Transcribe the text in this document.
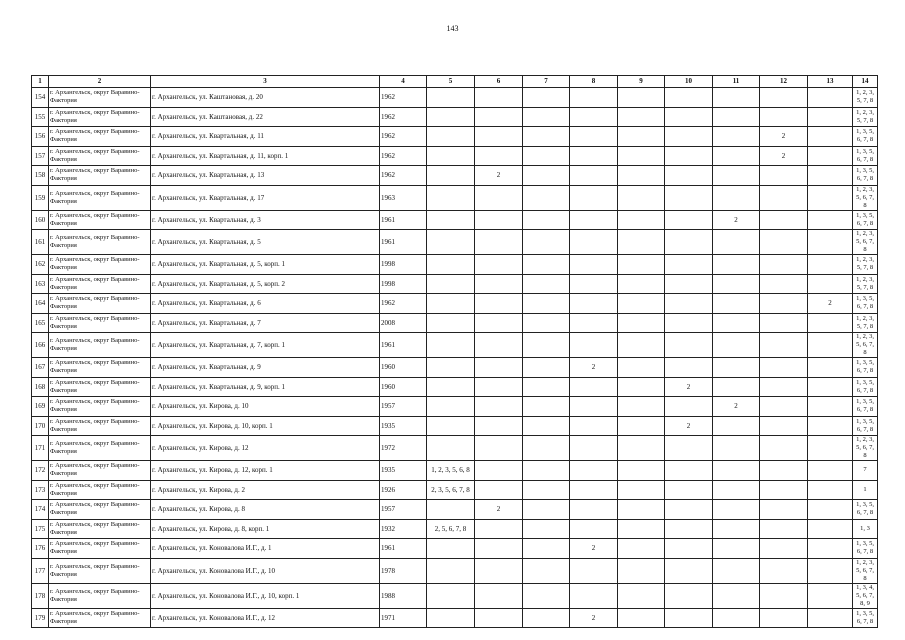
143
1	2	3	4	5	6	7	8	9	10	11	12	13	14
154	г. Архангельск, округ Варавино-Фактория	г. Архангельск, ул. Каштановая, д. 20	1962										1, 2, 3, 5, 7, 8
155	г. Архангельск, округ Варавино-Фактория	г. Архангельск, ул. Каштановая, д. 22	1962										1, 2, 3, 5, 7, 8
156	г. Архангельск, округ Варавино-Фактория	г. Архангельск, ул. Квартальная, д. 11	1962								2		1, 3, 5, 6, 7, 8
157	г. Архангельск, округ Варавино-Фактория	г. Архангельск, ул. Квартальная, д. 11, корп. 1	1962								2		1, 3, 5, 6, 7, 8
158	г. Архангельск, округ Варавино-Фактория	г. Архангельск, ул. Квартальная, д. 13	1962		2								1, 3, 5, 6, 7, 8
159	г. Архангельск, округ Варавино-Фактория	г. Архангельск, ул. Квартальная, д. 17	1963										1, 2, 3, 5, 6, 7, 8
160	г. Архангельск, округ Варавино-Фактория	г. Архангельск, ул. Квартальная, д. 3	1961							2			1, 3, 5, 6, 7, 8
161	г. Архангельск, округ Варавино-Фактория	г. Архангельск, ул. Квартальная, д. 5	1961										1, 2, 3, 5, 6, 7, 8
162	г. Архангельск, округ Варавино-Фактория	г. Архангельск, ул. Квартальная, д. 5, корп. 1	1998										1, 2, 3, 5, 7, 8
163	г. Архангельск, округ Варавино-Фактория	г. Архангельск, ул. Квартальная, д. 5, корп. 2	1998										1, 2, 3, 5, 7, 8
164	г. Архангельск, округ Варавино-Фактория	г. Архангельск, ул. Квартальная, д. 6	1962									2	1, 3, 5, 6, 7, 8
165	г. Архангельск, округ Варавино-Фактория	г. Архангельск, ул. Квартальная, д. 7	2008										1, 2, 3, 5, 7, 8
166	г. Архангельск, округ Варавино-Фактория	г. Архангельск, ул. Квартальная, д. 7, корп. 1	1961										1, 2, 3, 5, 6, 7, 8
167	г. Архангельск, округ Варавино-Фактория	г. Архангельск, ул. Квартальная, д. 9	1960				2						1, 3, 5, 6, 7, 8
168	г. Архангельск, округ Варавино-Фактория	г. Архангельск, ул. Квартальная, д. 9, корп. 1	1960						2				1, 3, 5, 6, 7, 8
169	г. Архангельск, округ Варавино-Фактория	г. Архангельск, ул. Кирова, д. 10	1957							2			1, 3, 5, 6, 7, 8
170	г. Архангельск, округ Варавино-Фактория	г. Архангельск, ул. Кирова, д. 10, корп. 1	1935						2				1, 3, 5, 6, 7, 8
171	г. Архангельск, округ Варавино-Фактория	г. Архангельск, ул. Кирова, д. 12	1972										1, 2, 3, 5, 6, 7, 8
172	г. Архангельск, округ Варавино-Фактория	г. Архангельск, ул. Кирова, д. 12, корп. 1	1935	1, 2, 3, 5, 6, 8									7
173	г. Архангельск, округ Варавино-Фактория	г. Архангельск, ул. Кирова, д. 2	1926	2, 3, 5, 6, 7, 8									1
174	г. Архангельск, округ Варавино-Фактория	г. Архангельск, ул. Кирова, д. 8	1957		2								1, 3, 5, 6, 7, 8
175	г. Архангельск, округ Варавино-Фактория	г. Архангельск, ул. Кирова, д. 8, корп. 1	1932	2, 5, 6, 7, 8									1, 3
176	г. Архангельск, округ Варавино-Фактория	г. Архангельск, ул. Коновалова И.Г., д. 1	1961				2						1, 3, 5, 6, 7, 8
177	г. Архангельск, округ Варавино-Фактория	г. Архангельск, ул. Коновалова И.Г., д. 10	1978										1, 2, 3, 5, 6, 7, 8
178	г. Архангельск, округ Варавино-Фактория	г. Архангельск, ул. Коновалова И.Г., д. 10, корп. 1	1988										1, 3, 4, 5, 6, 7, 8, 9
179	г. Архангельск, округ Варавино-Фактория	г. Архангельск, ул. Коновалова И.Г., д. 12	1971				2						1, 3, 5, 6, 7, 8
